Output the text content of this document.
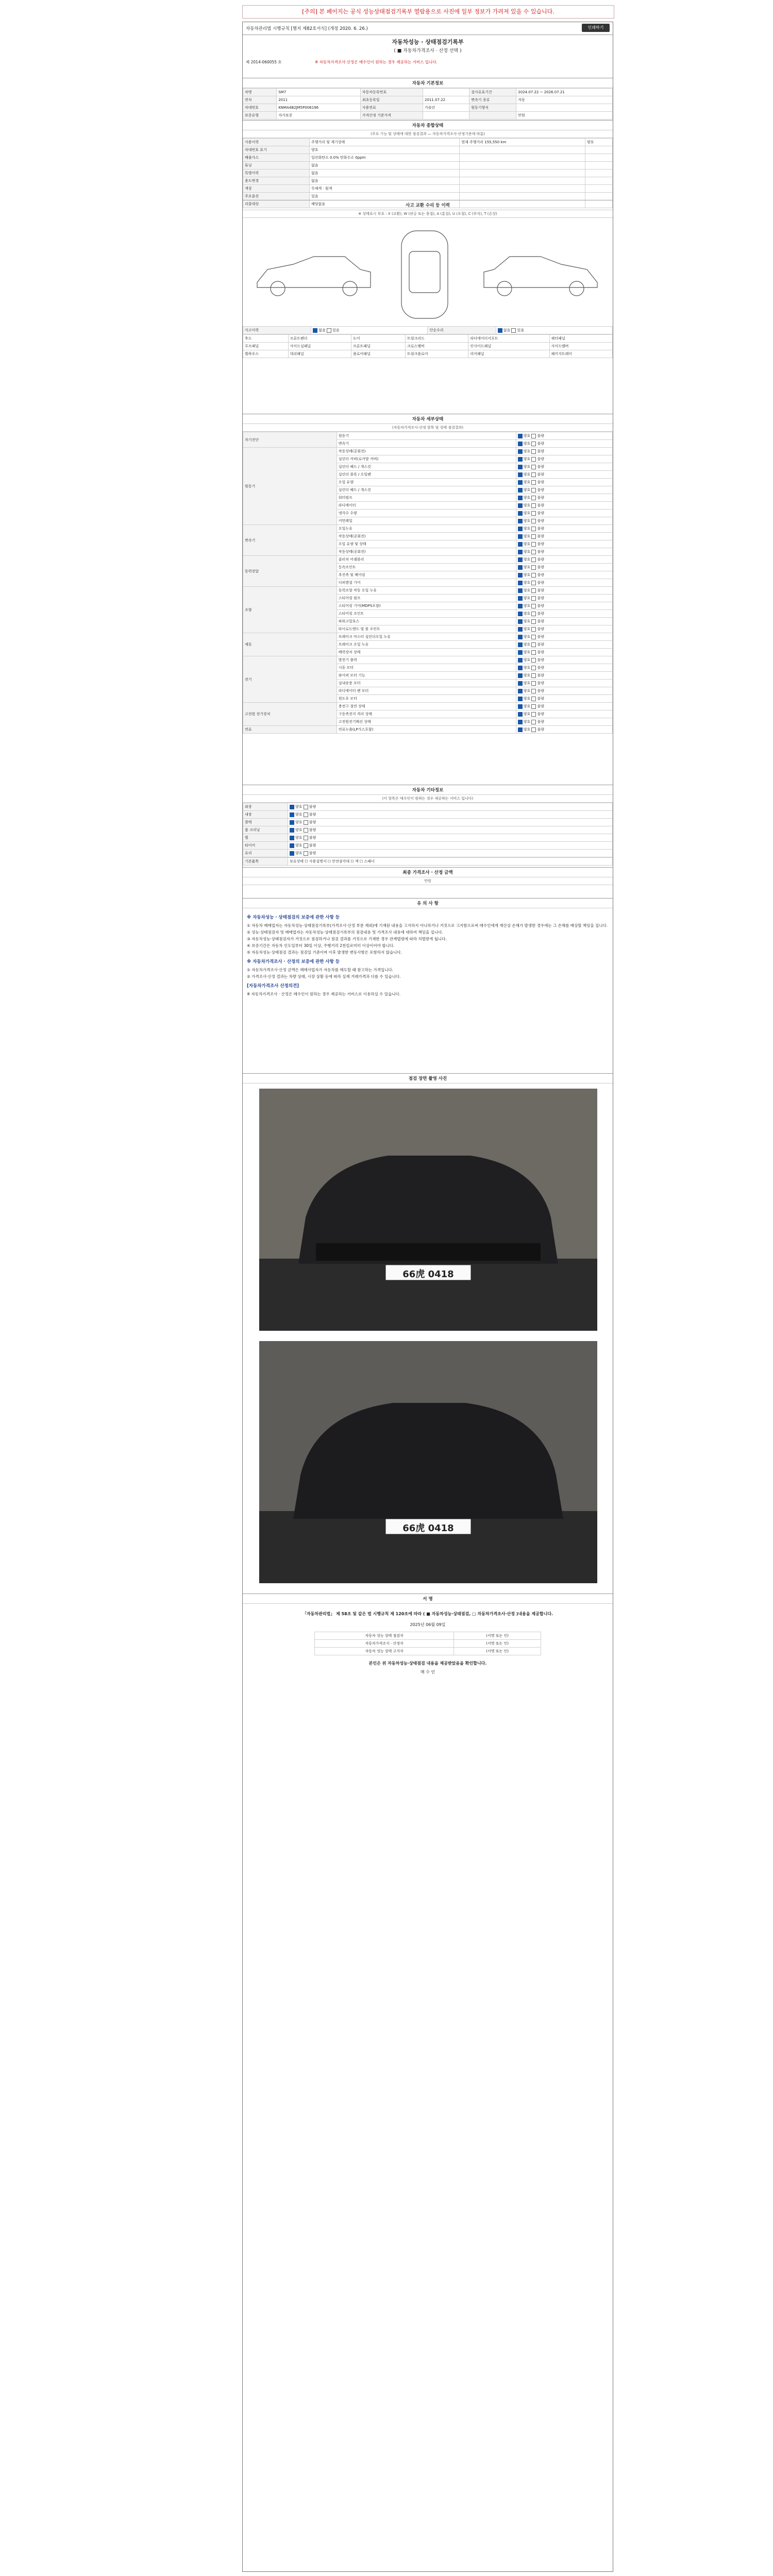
[주의] 본 페이지는 공식 성능상태점검기록부 열람용으로 사진에 일부 정보가 가려져 있을 수 있습니다.
자동차관리법 시행규칙 [별지 제82호서식] (개정 2020. 6. 26.)	인쇄하기
자동차성능 · 상태점검기록부
( ■ 자동차가격조사 · 산정 선택 )
제 2014-060055 호	※ 자동차가격조사·산정은 매수인이 원하는 경우 제공하는 서비스 입니다.
자동차 기본정보
차명	SM7	자동차등록번호		검사유효기간	2024.07.22 ~ 2026.07.21
연식	2011	최초등록일	2011.07.22	변속기 종류	자동
차대번호	KNMA4B2JM5P006196	사용연료	가솔린	원동기형식	
보증유형	자가보증	가격산정 기준가격			만원
자동차 종합상태
(주요 기능 및 상태에 대한 점검결과 — 자동차가격조사·산정기준에 따름)
사용이력	주행거리 및 계기상태	현재 주행거리 155,550 km	양호
차대번호 표기	양호		
배출가스	일산화탄소 0.0% 탄화수소 0ppm		
튜닝	없음		
특별이력	없음		
용도변경	없음		
색상	무채색 · 흰색		
주요옵션	있음		
리콜대상	해당없음			사고 교환 수리 등 이력
※ 상태표시 부호 : X (교환), W (판금 또는 용접), A (흠집), U (요철), C (부식), T (손상)
사고이력	없음 있음	단순수리	없음 있음
후드	프론트펜더	도어	트렁크리드	라디에이터서포트	쿼터패널
루프패널	사이드실패널	프론트패널	크로스멤버	인사이드패널	사이드멤버
휠하우스	대쉬패널	플로어패널	트렁크플로어	리어패널	패키지트레이
자동차 세부상태
(자동차가격조사·산정 항목 및 상태 점검결과)
자기진단	원동기	양호 불량
	변속기	양호 불량
원동기	작동상태(공회전)	양호 불량
	실린더 커버(로커암 커버)	양호 불량
	실린더 헤드 / 개스킷	양호 불량
	실린더 블록 / 오일팬	양호 불량
	오일 유량	양호 불량
	실린더 헤드 / 개스킷	양호 불량
	워터펌프	양호 불량
	라디에이터	양호 불량
	냉각수 수량	양호 불량
	커먼레일	양호 불량
변속기	오일누유	양호 불량
	작동상태(공회전)	양호 불량
	오일 유량 및 상태	양호 불량
	작동상태(공회전)	양호 불량
동력전달	클러치 어셈블리	양호 불량
	등속조인트	양호 불량
	추진축 및 베어링	양호 불량
	디퍼렌셜 기어	양호 불량
조향	동력조향 작동 오일 누유	양호 불량
	스티어링 펌프	양호 불량
	스티어링 기어(MDPS포함)	양호 불량
	스티어링 조인트	양호 불량
	파워고압호스	양호 불량
	타이로드엔드 및 볼 조인트	양호 불량
제동	브레이크 마스터 실린더오일 누유	양호 불량
	브레이크 오일 누유	양호 불량
	배력장치 상태	양호 불량
전기	발전기 출력	양호 불량
	시동 모터	양호 불량
	와이퍼 모터 기능	양호 불량
	실내송풍 모터	양호 불량
	라디에이터 팬 모터	양호 불량
	윈도우 모터	양호 불량
고전원 전기장치	충전구 절연 상태	양호 불량
	구동축전지 격리 상태	양호 불량
	고전원전기배선 상태	양호 불량
연료	연료누출(LP가스포함)	양호 불량
자동차 기타정보
(이 항목은 매수인이 원하는 경우 제공하는 서비스 입니다)
외장	양호 불량
내장	양호 불량
광택	양호 불량
룸 크리닝	양호 불량
휠	양호 불량
타이어	양호 불량
유리	양호 불량
기본품목	보유상태 ☐ 사용설명서 ☐ 안전삼각대 ☐ 잭 ☐ 스패너
최종 가격조사 · 산정 금액
만원
유 의 사 항
※ 자동차성능 · 상태점검의 보증에 관한 사항 등

① 자동차 매매업자는 자동차성능·상태점검기록부(가격조사·산정 부분 제외)에 기재된 내용을 고지하지 아니하거나 거짓으로 고지함으로써 매수인에게 재산상 손해가 발생한 경우에는 그 손해를 배상할 책임을 집니다.

② 성능·상태점검자 및 매매업자는 자동차성능·상태점검기록부의 점검내용 및 가격조사 내용에 대하여 책임을 집니다.

③ 자동차성능·상태점검자가 거짓으로 점검하거나 점검 결과를 거짓으로 기재한 경우 관계법령에 따라 처벌받게 됩니다.

④ 보증기간은 자동차 인도일부터 30일 이상, 주행거리 2천킬로미터 이상이어야 합니다.

⑤ 자동차성능·상태점검 결과는 점검일 기준이며 이후 발생한 변동사항은 포함하지 않습니다.

※ 자동차가격조사 · 산정의 보증에 관한 사항 등

① 자동차가격조사·산정 금액은 매매사업자가 자동차를 매도할 때 참고하는 가격입니다.

② 가격조사·산정 결과는 차량 상태, 시장 상황 등에 따라 실제 거래가격과 다를 수 있습니다.

[자동차가격조사 산정의견]

※ 자동차가격조사 · 산정은 매수인이 원하는 경우 제공하는 서비스로 이용하실 수 있습니다.

점검 장면 촬영 사진
66虎 0418
66虎 0418
서 명
「자동차관리법」 제 58조 및 같은 법 시행규칙 제 120조에 따라 ( ■ 자동차성능·상태점검, □ 자동차가격조사·산정 )내용을 제공합니다.
2025년 06월 09일
자동차 성능 상태 점검자	(서명 또는 인)
자동차가격조사 · 산정자	(서명 또는 인)
자동차 성능 상태 고지자	(서명 또는 인)
본인은 위 자동차성능·상태점검 내용을 제공받았음을 확인합니다.
매 수 인
